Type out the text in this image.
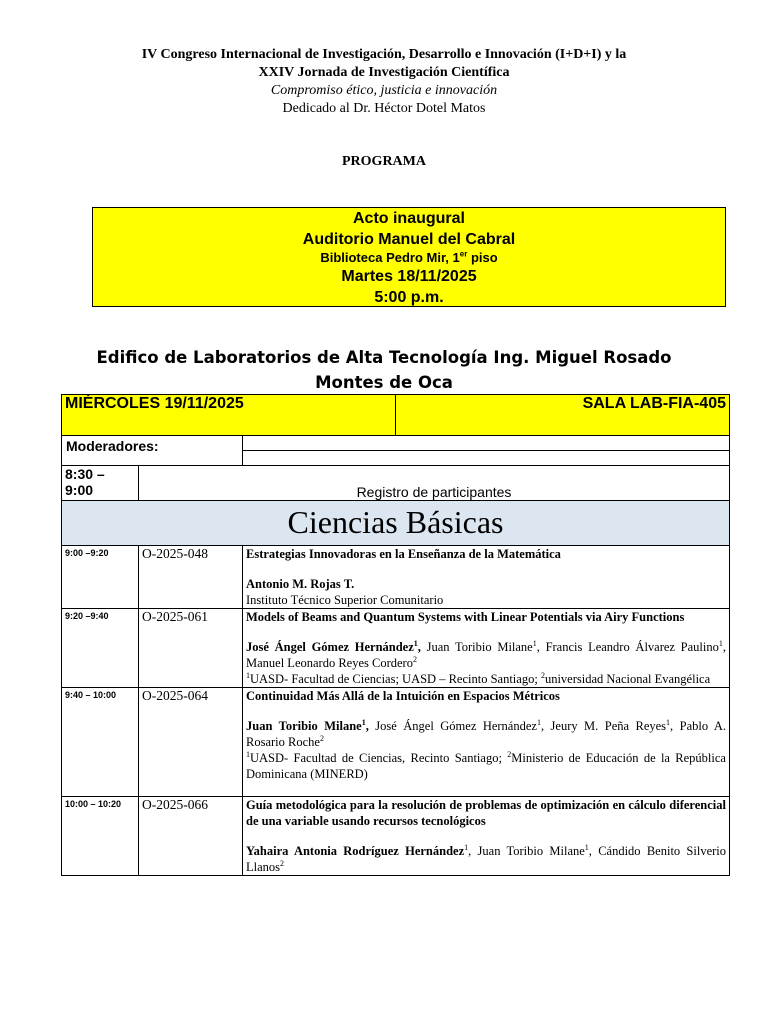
IV Congreso Internacional de Investigación, Desarrollo e Innovación (I+D+I) y la
XXIV Jornada de Investigación Científica
Compromiso ético, justicia e innovación
Dedicado al Dr. Héctor Dotel Matos
PROGRAMA
Acto inaugural
Auditorio Manuel del Cabral
Biblioteca Pedro Mir, 1er piso
Martes 18/11/2025
5:00 p.m.
Edifico de Laboratorios de Alta Tecnología Ing. Miguel Rosado
Montes de Oca
MIÉRCOLES 19/11/2025			SALA LAB-FIA-405
Moderadores:			

8:30 – 9:00	Registro de participantes		
Ciencias Básicas			
9:00 –9:20	O-2025-048	Estrategias Innovadoras en la Enseñanza de la Matemática
Antonio M. Rojas T.
Instituto Técnico Superior Comunitario	

9:20 –9:40	O-2025-061	Models of Beams and Quantum Systems with Linear Potentials via Airy Functions
José Ángel Gómez Hernández$^1$, Juan Toribio Milane$^1$, Francis Leandro Álvarez Paulino$^1$, Manuel Leonardo Reyes Cordero$^2$
$^1$UASD- Facultad de Ciencias; UASD – Recinto Santiago; $^2$universidad Nacional Evangélica	

9:40 – 10:00	O-2025-064	Continuidad Más Allá de la Intuición en Espacios Métricos
Juan Toribio Milane$^1$, José Ángel Gómez Hernández$^1$, Jeury M. Peña Reyes$^1$, Pablo A. Rosario Roche$^2$
$^1$UASD- Facultad de Ciencias, Recinto Santiago; $^2$Ministerio de Educación de la República Dominicana (MINERD)	

10:00 – 10:20	O-2025-066	Guía metodológica para la resolución de problemas de optimización en cálculo diferencial de una variable usando recursos tecnológicos
Yahaira Antonia Rodríguez Hernández$^1$, Juan Toribio Milane$^1$, Cándido Benito Silverio Llanos$^2$
